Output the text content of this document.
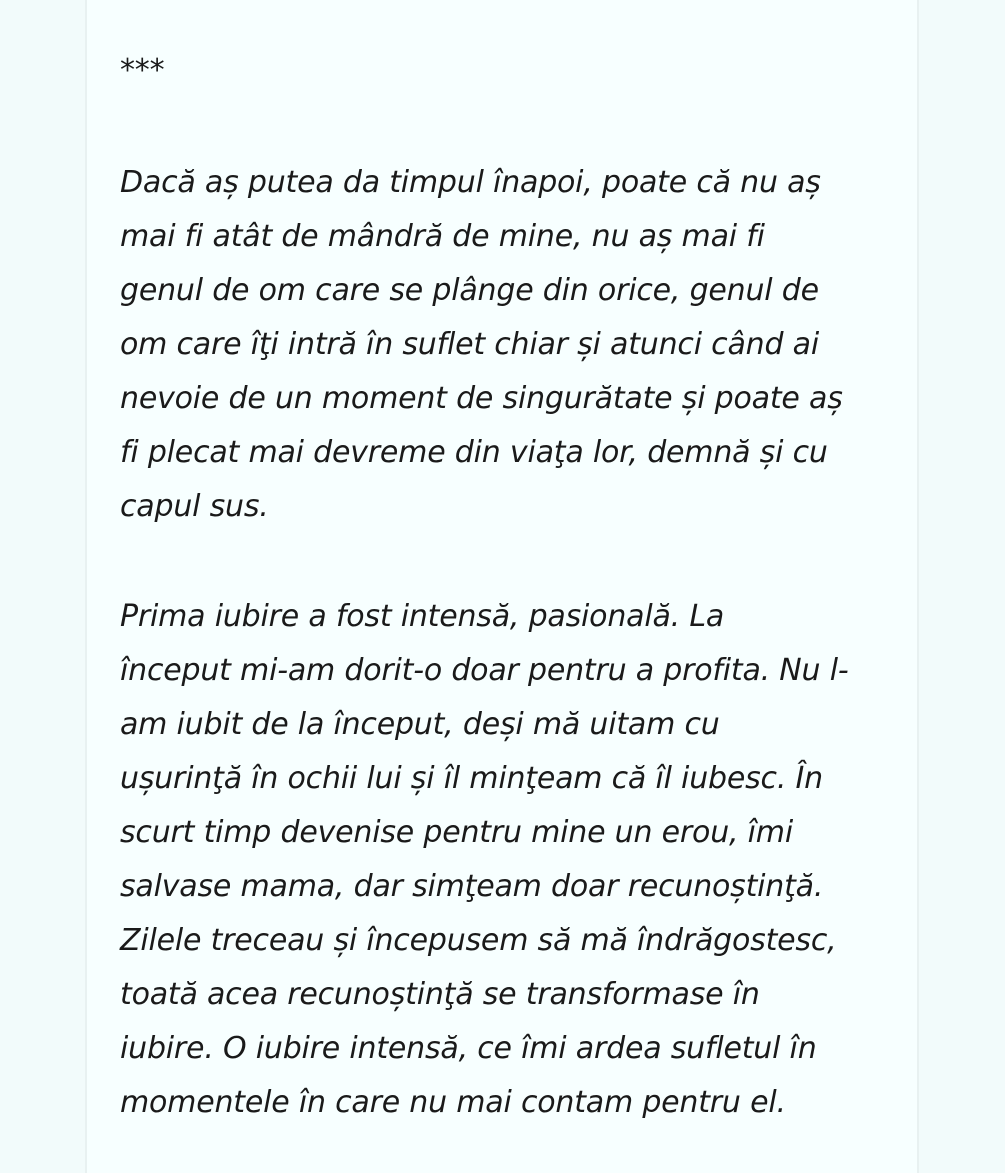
***

Dacă aș putea da timpul înapoi, poate că nu aș
mai fi atât de mândră de mine, nu aș mai fi
genul de om care se plânge din orice, genul de
om care îţi intră în suflet chiar și atunci când ai
nevoie de un moment de singurătate și poate aș
fi plecat mai devreme din viaţa lor, demnă și cu
capul sus.

Prima iubire a fost intensă, pasională. La
început mi-am dorit-o doar pentru a profita. Nu l-
am iubit de la început, deși mă uitam cu
ușurinţă în ochii lui și îl minţeam că îl iubesc. În
scurt timp devenise pentru mine un erou, îmi
salvase mama, dar simţeam doar recunoștinţă.
Zilele treceau și începusem să mă îndrăgostesc,
toată acea recunoștinţă se transformase în
iubire. O iubire intensă, ce îmi ardea sufletul în
momentele în care nu mai contam pentru el.
